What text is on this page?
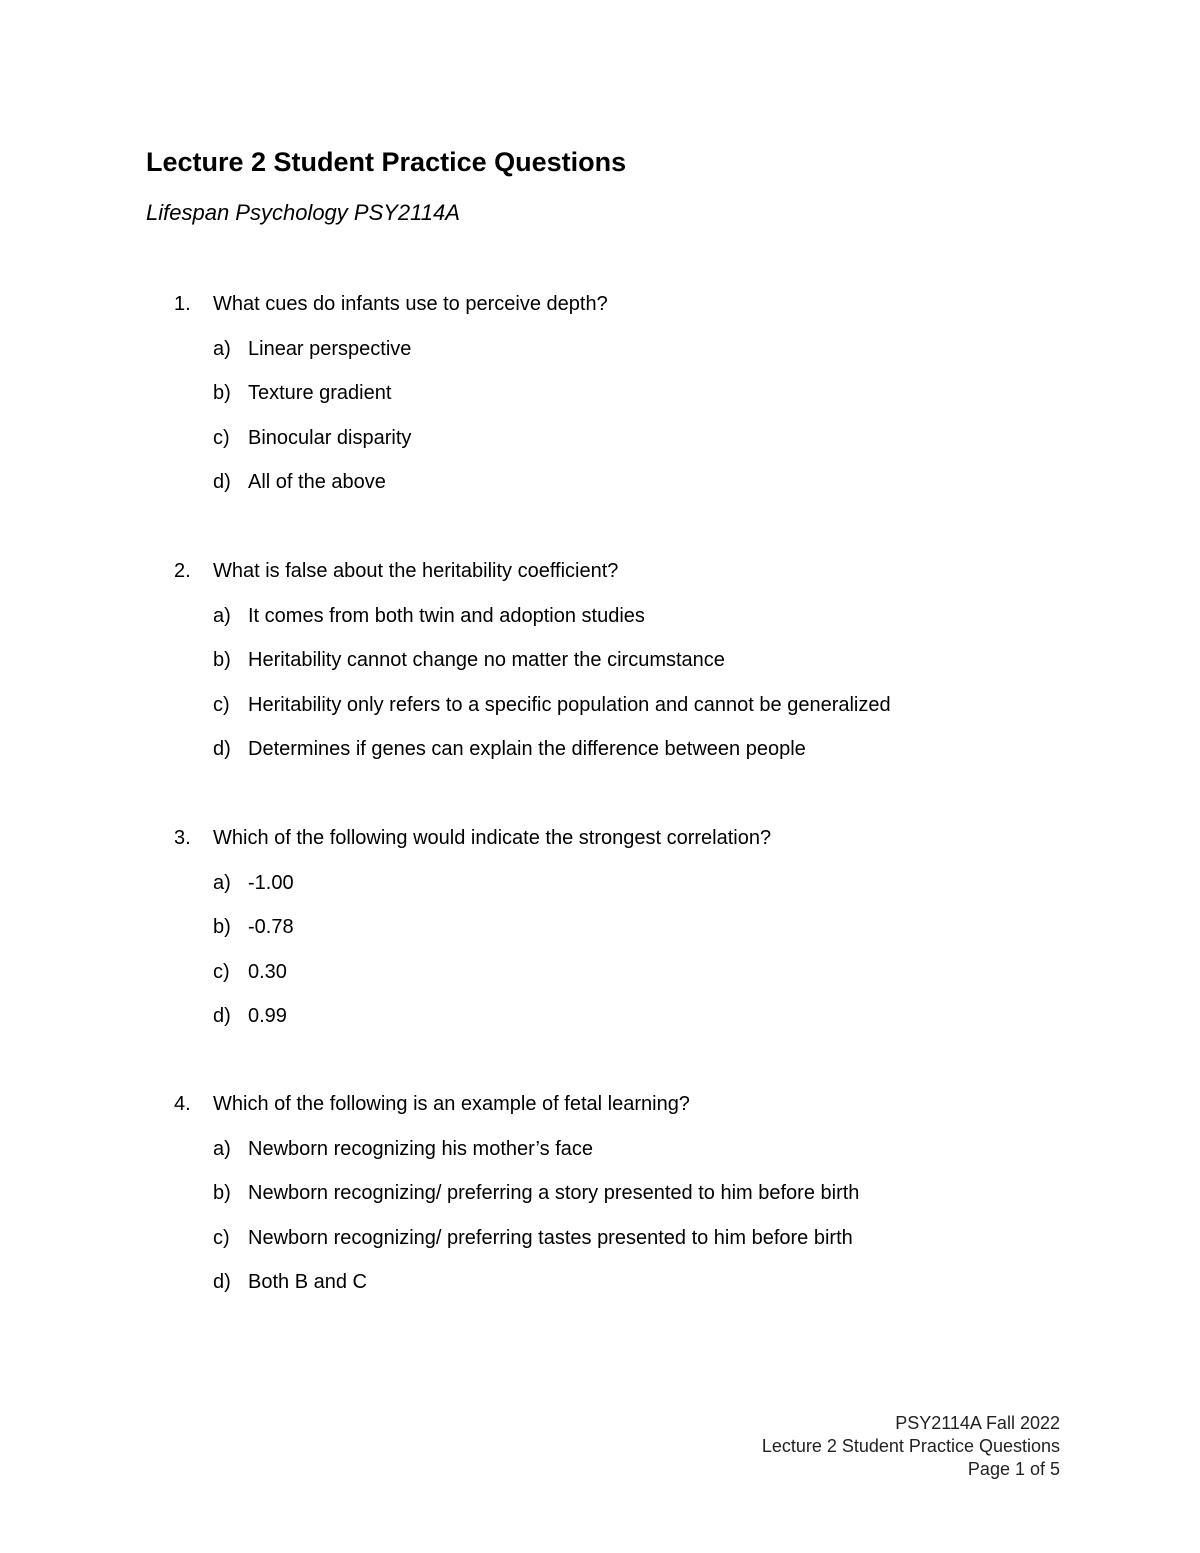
Lecture 2 Student Practice Questions
Lifespan Psychology PSY2114A
1. What cues do infants use to perceive depth?
a) Linear perspective
b) Texture gradient
c) Binocular disparity
d) All of the above
2. What is false about the heritability coefficient?
a) It comes from both twin and adoption studies
b) Heritability cannot change no matter the circumstance
c) Heritability only refers to a specific population and cannot be generalized
d) Determines if genes can explain the difference between people
3. Which of the following would indicate the strongest correlation?
a) -1.00
b) -0.78
c) 0.30
d) 0.99
4. Which of the following is an example of fetal learning?
a) Newborn recognizing his mother’s face
b) Newborn recognizing/ preferring a story presented to him before birth
c) Newborn recognizing/ preferring tastes presented to him before birth
d) Both B and C
PSY2114A Fall 2022
Lecture 2 Student Practice Questions
Page 1 of 5
